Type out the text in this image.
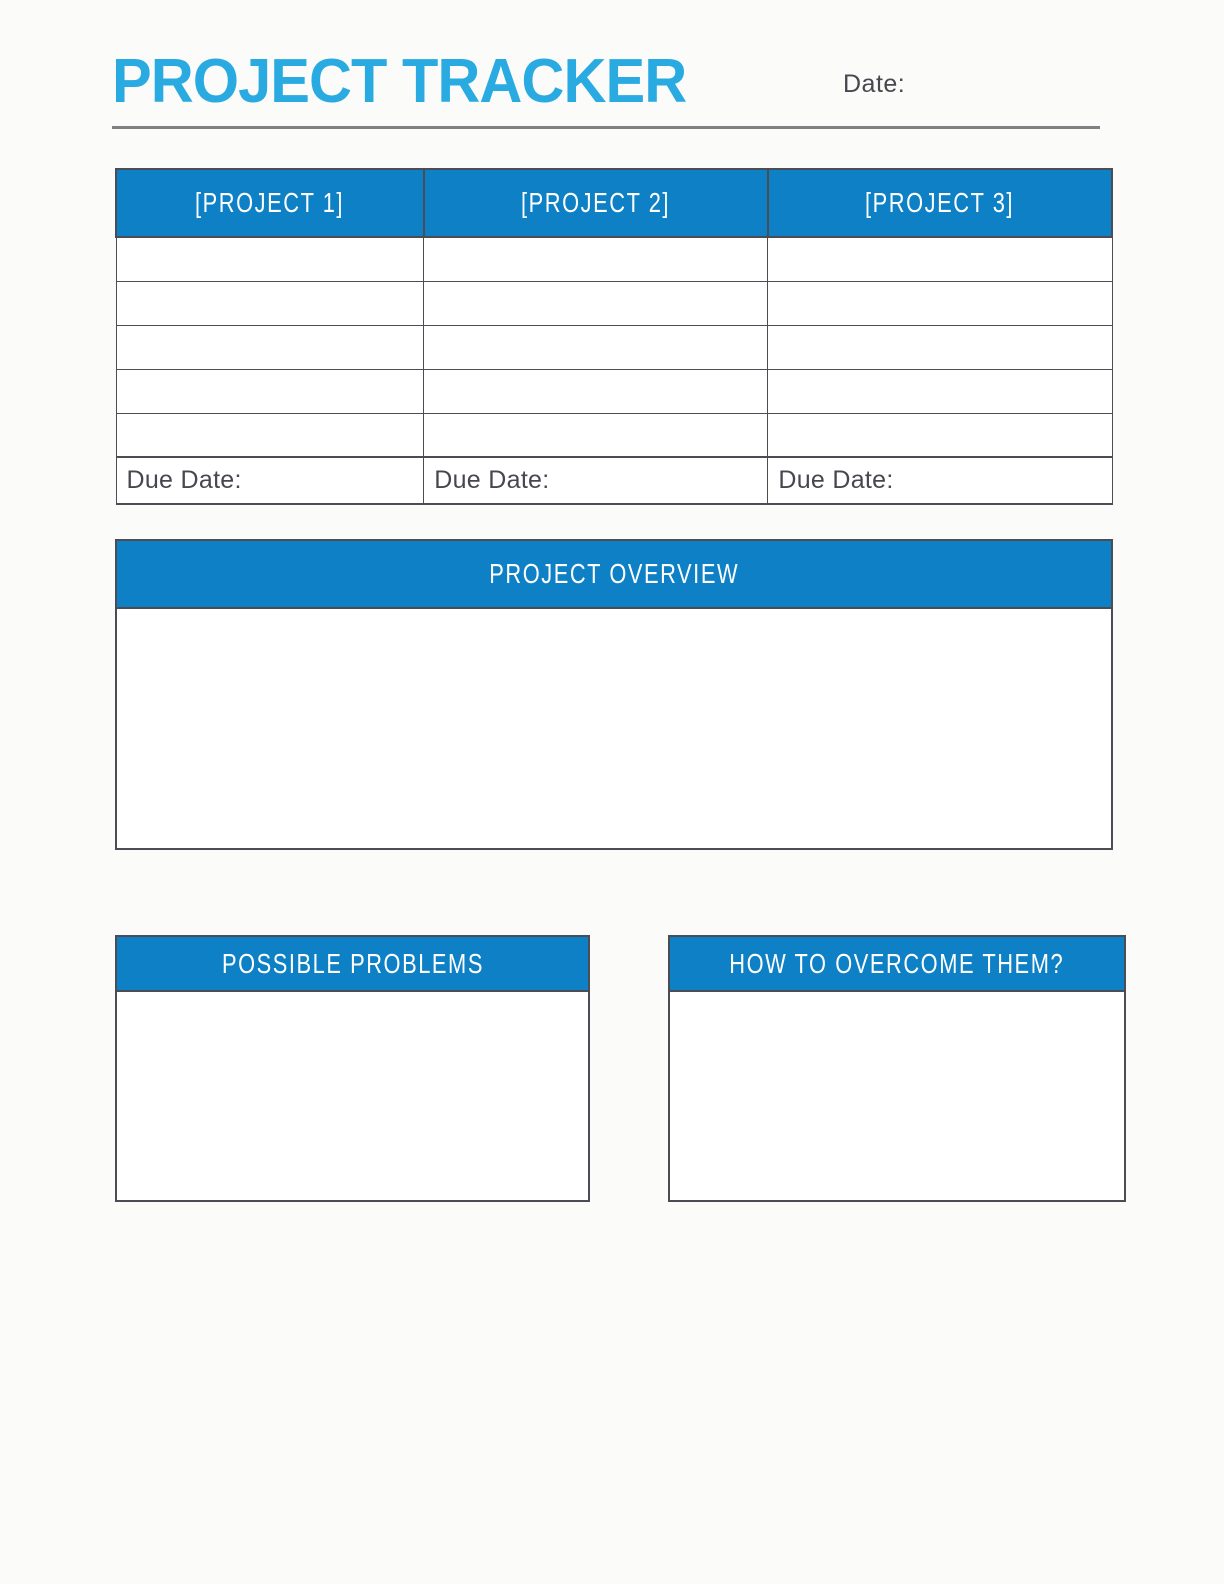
PROJECT TRACKER	Date:
[PROJECT 1]	[PROJECT 2]	[PROJECT 3]

Due Date:	Due Date:	Due Date:
PROJECT OVERVIEW
POSSIBLE PROBLEMS	HOW TO OVERCOME THEM?
